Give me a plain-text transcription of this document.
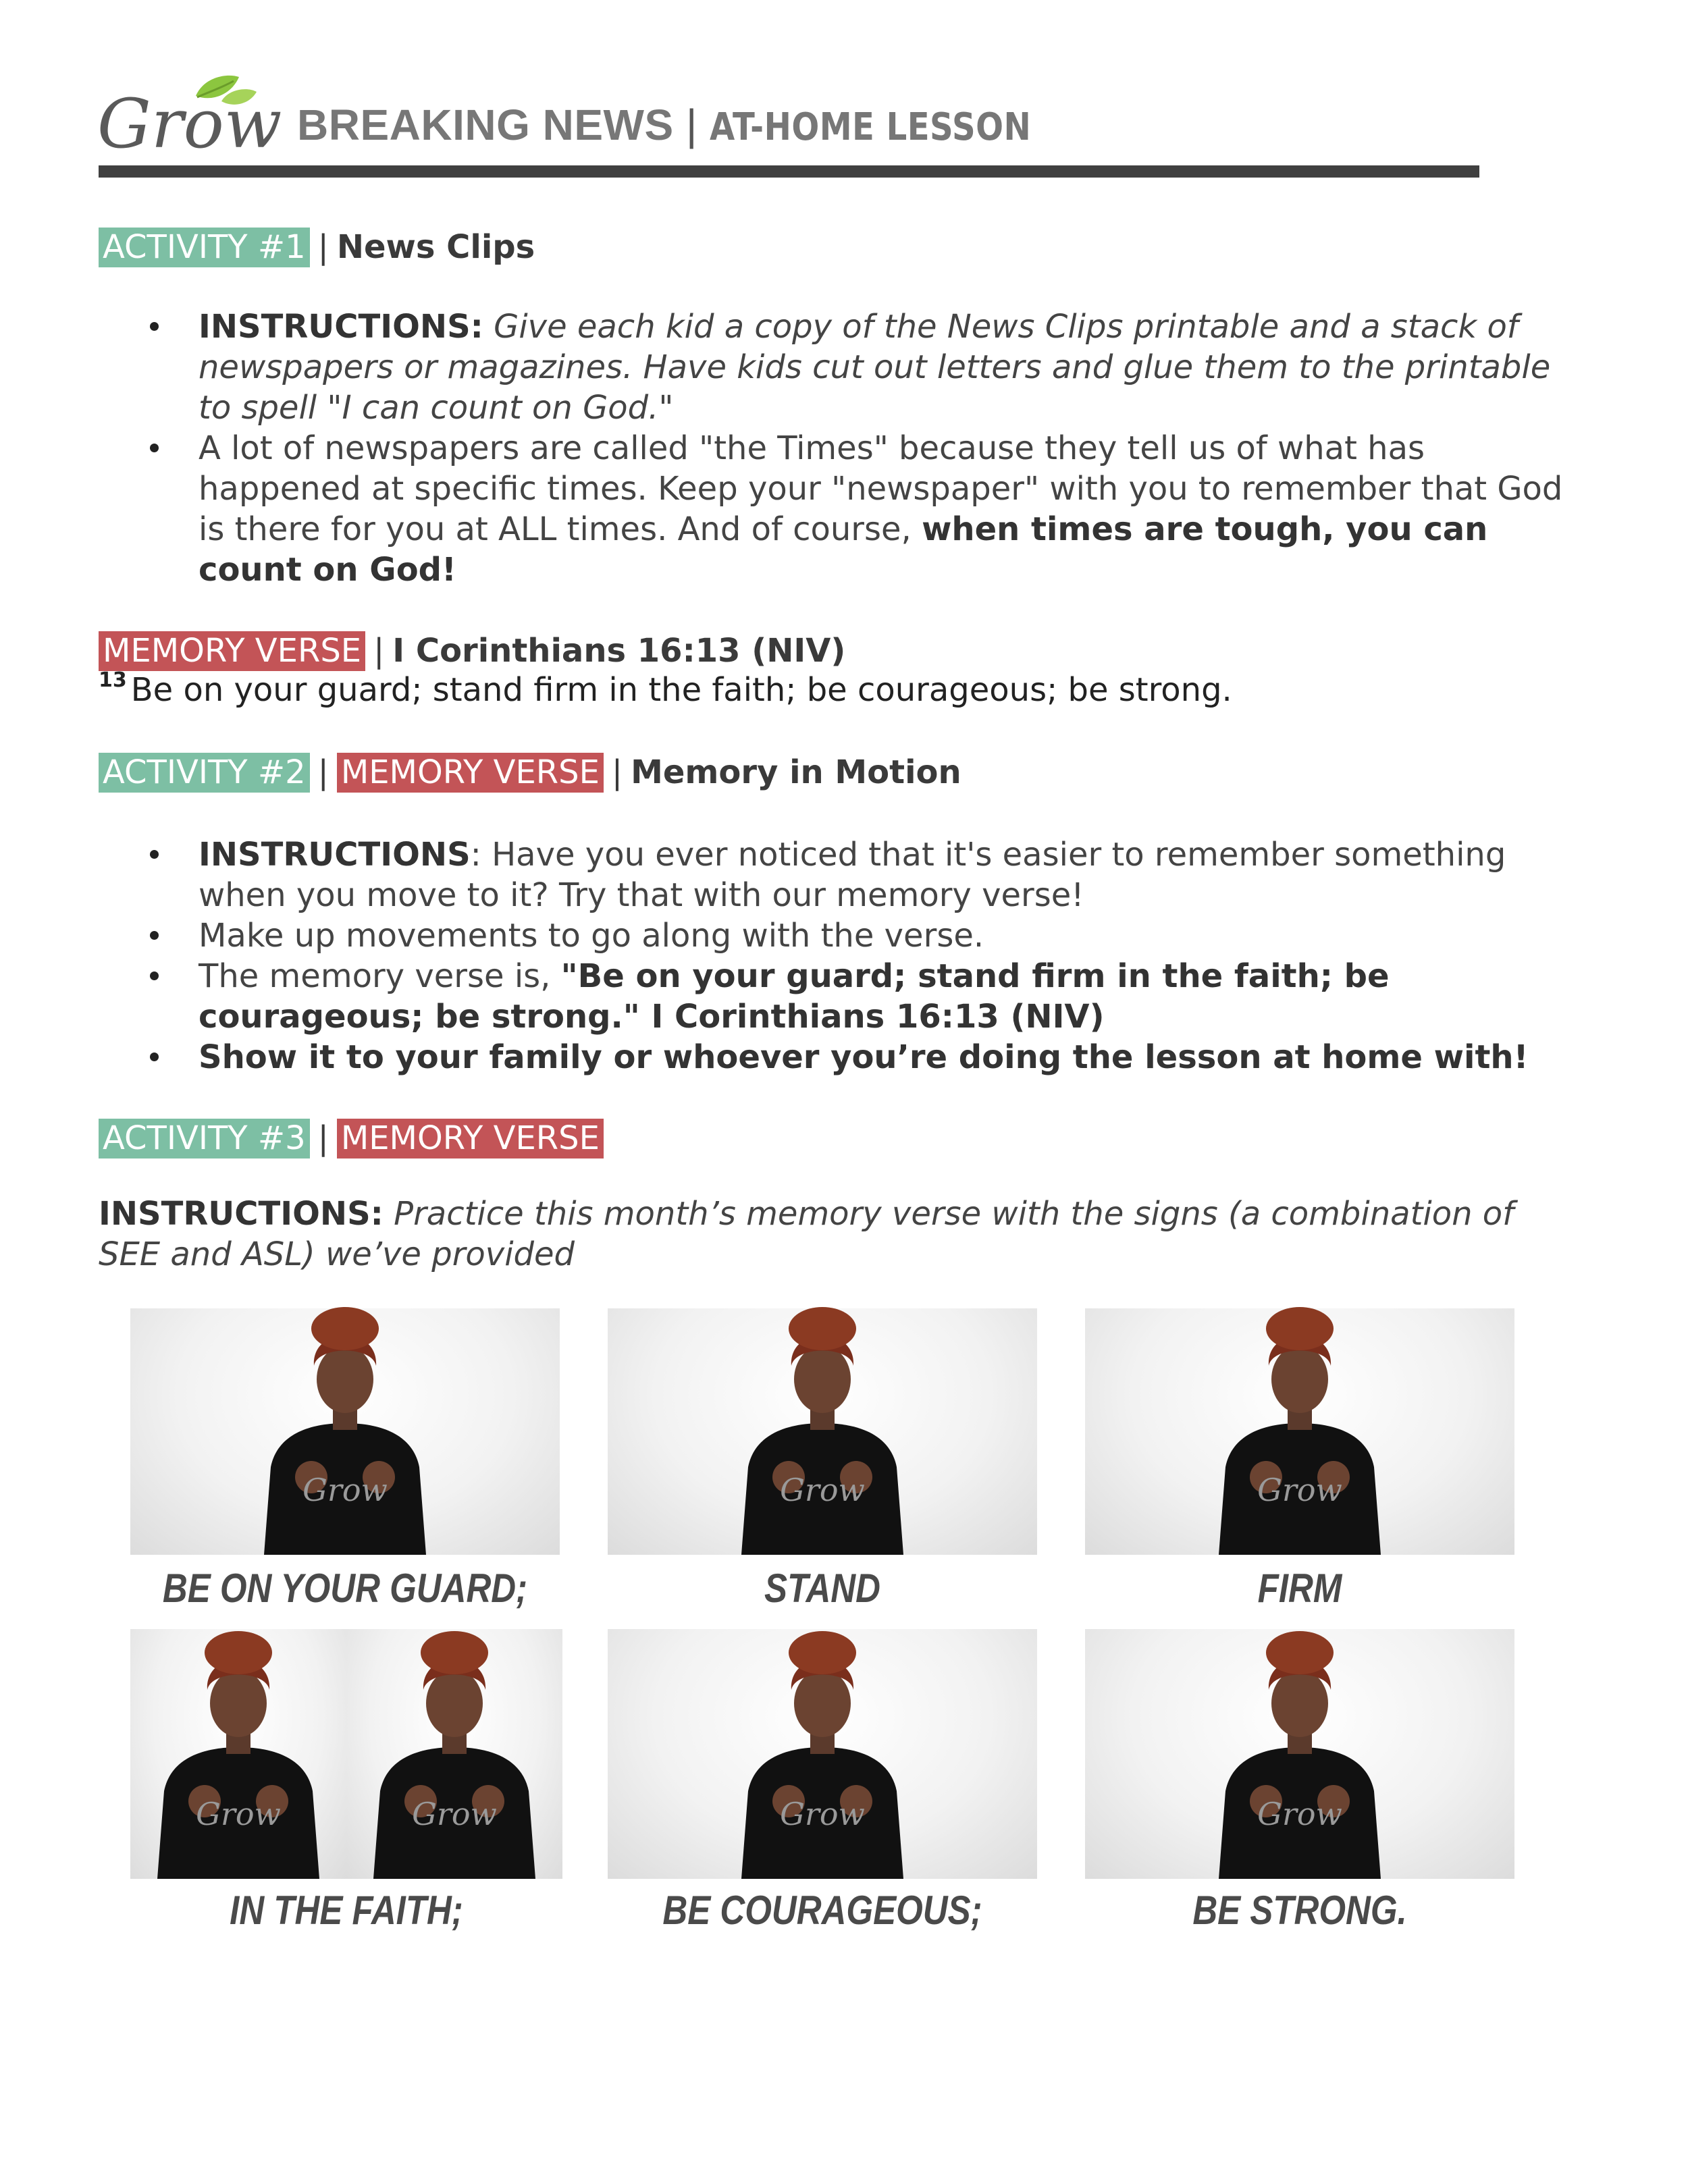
Grow BREAKING NEWS | AT-HOME LESSON
ACTIVITY #1 | News Clips
INSTRUCTIONS: Give each kid a copy of the News Clips printable and a stack of newspapers or magazines. Have kids cut out letters and glue them to the printable to spell "I can count on God."
A lot of newspapers are called "the Times" because they tell us of what has happened at specific times. Keep your "newspaper" with you to remember that God is there for you at ALL times. And of course, when times are tough, you can count on God!
MEMORY VERSE | I Corinthians 16:13 (NIV)
$^{13}$ Be on your guard; stand firm in the faith; be courageous; be strong.
ACTIVITY #2 | MEMORY VERSE | Memory in Motion
INSTRUCTIONS: Have you ever noticed that it's easier to remember something when you move to it? Try that with our memory verse!
Make up movements to go along with the verse.
The memory verse is, "Be on your guard; stand firm in the faith; be courageous; be strong." I Corinthians 16:13 (NIV)
Show it to your family or whoever you’re doing the lesson at home with!
ACTIVITY #3 | MEMORY VERSE
INSTRUCTIONS: Practice this month’s memory verse with the signs (a combination of SEE and ASL) we’ve provided
Grow	Grow	Grow
Grow	Grow	Grow	Grow

BE ON YOUR GUARD;	STAND	FIRM

IN THE FAITH;	BE COURAGEOUS;	BE STRONG.
